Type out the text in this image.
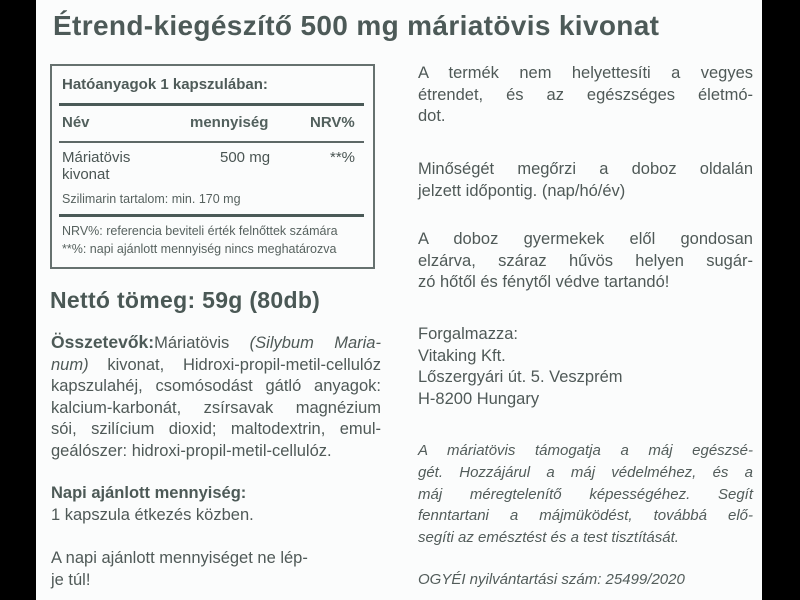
Étrend-kiegészítő 500 mg máriatövis kivonat
Hatóanyagok 1 kapszulában:
Név	mennyiség	NRV%
Máriatövis
kivonat
500 mg	**%
Szilimarin tartalom: min. 170 mg
NRV%: referencia beviteli érték felnőttek számára
**%: napi ajánlott mennyiség nincs meghatározva
Nettó tömeg: 59g (80db)
Összetevők:Máriatövis (Silybum Maria-
num) kivonat, Hidroxi-propil-metil-cellulóz
kapszulahéj, csomósodást gátló anyagok:
kalcium-karbonát, zsírsavak magnézium
sói, szilícium dioxid; maltodextrin, emul-
geálószer: hidroxi-propil-metil-cellulóz.
Napi ajánlott mennyiség:
1 kapszula étkezés közben.
A napi ajánlott mennyiséget ne lép-
je túl!
A termék nem helyettesíti a vegyes
étrendet, és az egészséges életmó-
dot.
Minőségét megőrzi a doboz oldalán
jelzett időpontig. (nap/hó/év)
A doboz gyermekek elől gondosan
elzárva, száraz hűvös helyen sugár-
zó hőtől és fénytől védve tartandó!
Forgalmazza:
Vitaking Kft.
Lőszergyári út. 5. Veszprém
H-8200 Hungary
A máriatövis támogatja a máj egészsé-
gét. Hozzájárul a máj védelméhez, és a
máj méregtelenítő képességéhez. Segít
fenntartani a májmüködést, továbbá elő-
segíti az emésztést és a test tisztítását.
OGYÉI nyilvántartási szám: 25499/2020
